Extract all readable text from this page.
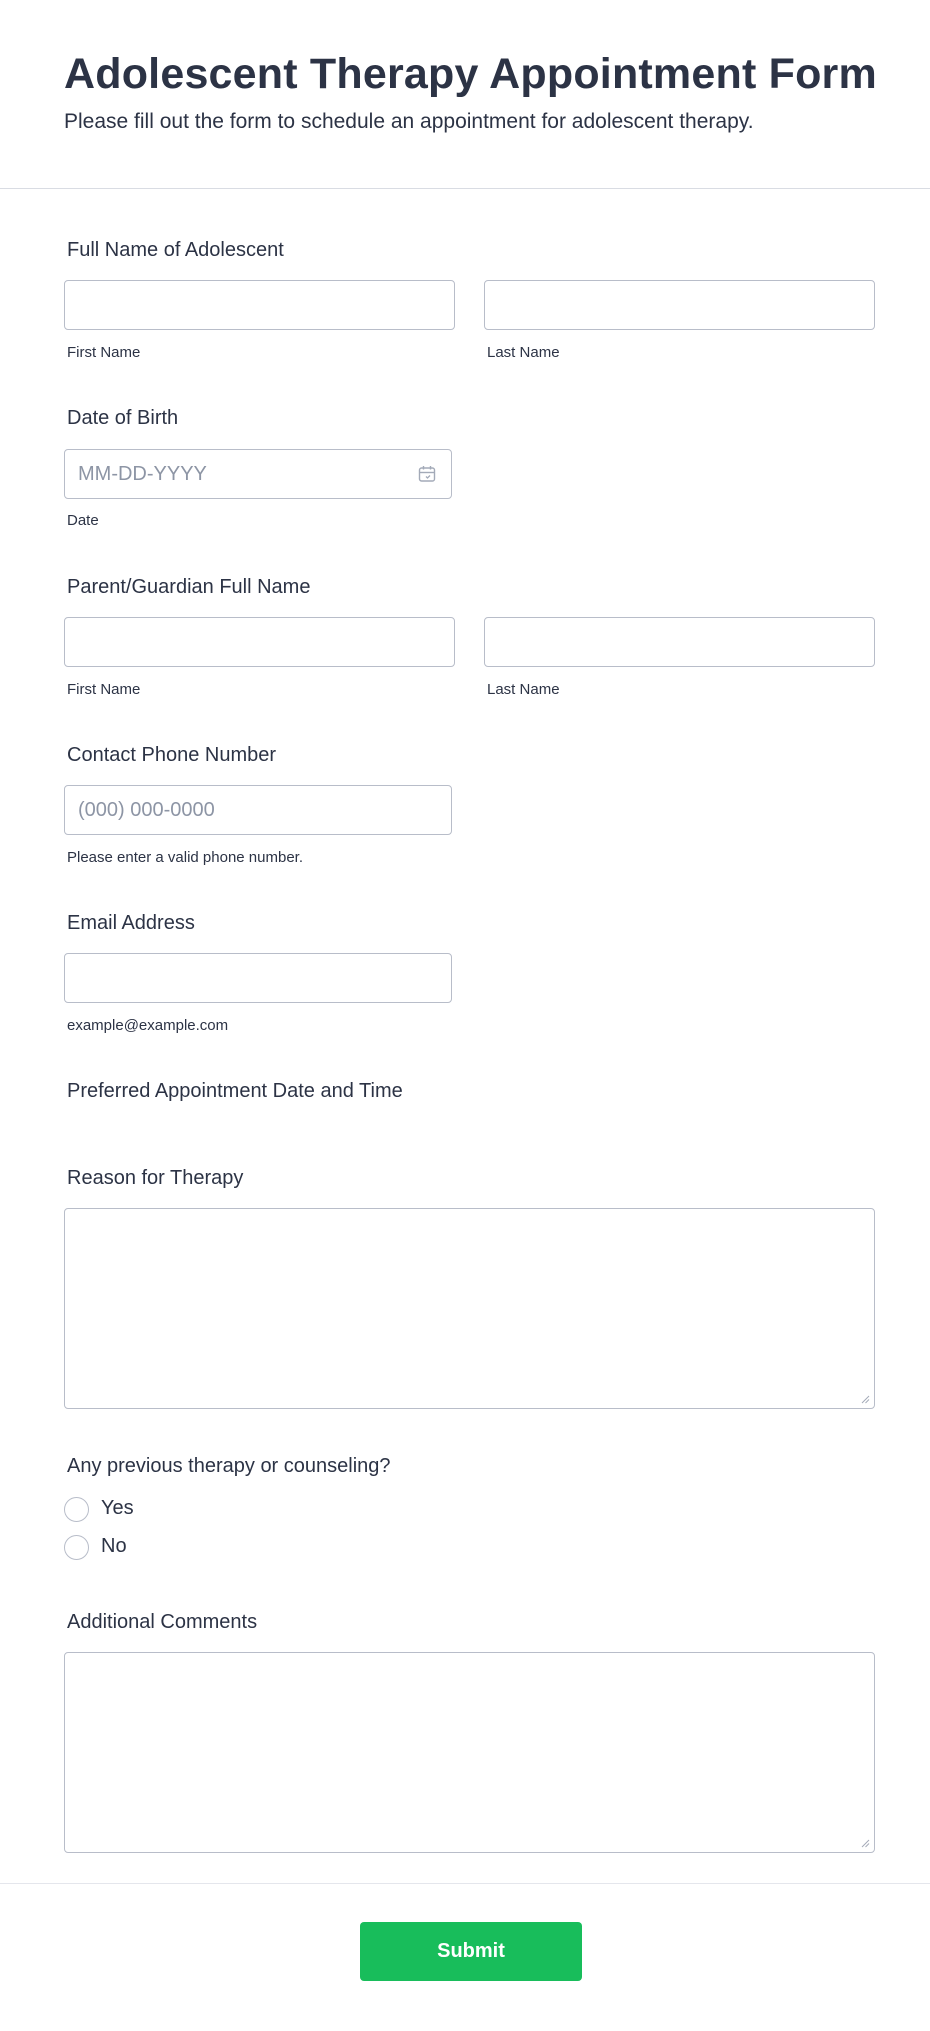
Adolescent Therapy Appointment Form
Please fill out the form to schedule an appointment for adolescent therapy.
Full Name of Adolescent
First Name	Last Name
Date of Birth
MM-DD-YYYY
Date
Parent/Guardian Full Name
First Name	Last Name
Contact Phone Number
(000) 000-0000
Please enter a valid phone number.
Email Address
example@example.com
Preferred Appointment Date and Time
Reason for Therapy
Any previous therapy or counseling?
Yes
No
Additional Comments
Submit
